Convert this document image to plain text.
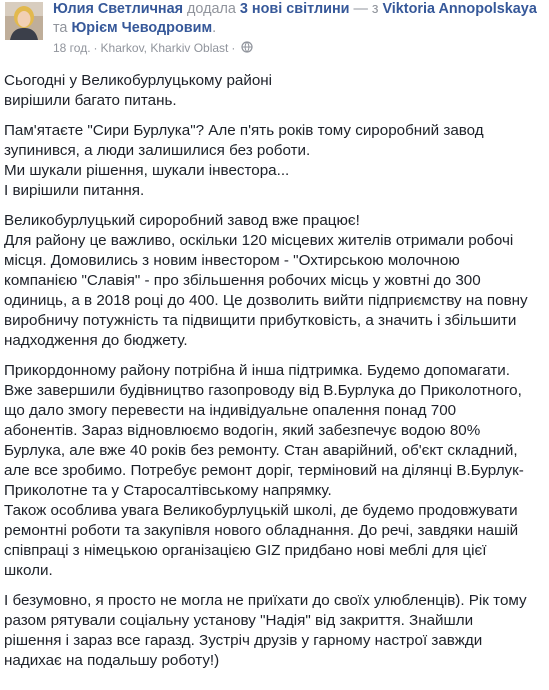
Юлия Светличная додала 3 нові світлини — з Viktoria Annopolskaya та Юрієм Чеводровим.
18 год. · Kharkov, Kharkiv Oblast ·

Сьогодні у Великобурлуцькому районі
вирішили багато питань.

Пам'ятаєте "Сири Бурлука"? Але п'ять років тому сироробний завод
зупинився, а люди залишилися без роботи.
Ми шукали рішення, шукали інвестора...
І вирішили питання.

Великобурлуцький сироробний завод вже працює!
Для району це важливо, оскільки 120 місцевих жителів отримали робочі
місця. Домовились з новим інвестором - "Охтирською молочною
компанією "Славія" - про збільшення робочих місць у жовтні до 300
одиниць, а в 2018 році до 400. Це дозволить вийти підприємству на повну
виробничу потужність та підвищити прибутковість, а значить і збільшити
надходження до бюджету.

Прикордонному району потрібна й інша підтримка. Будемо допомагати.
Вже завершили будівництво газопроводу від В.Бурлука до Приколотного,
що дало змогу перевести на індивідуальне опалення понад 700
абонентів. Зараз відновлюємо водогін, який забезпечує водою 80%
Бурлука, але вже 40 років без ремонту. Стан аварійний, об'єкт складний,
але все зробимо. Потребує ремонт доріг, терміновий на ділянці В.Бурлук-
Приколотне та у Старосалтівському напрямку.
Також особлива увага Великобурлуцькій школі, де будемо продовжувати
ремонтні роботи та закупівля нового обладнання. До речі, завдяки нашій
співпраці з німецькою організацією GIZ придбано нові меблі для цієї
школи.

І безумовно, я просто не могла не приїхати до своїх улюбленців). Рік тому
разом рятували соціальну установу "Надія" від закриття. Знайшли
рішення і зараз все гаразд. Зустріч друзів у гарному настрої завжди
надихає на подальшу роботу!)
